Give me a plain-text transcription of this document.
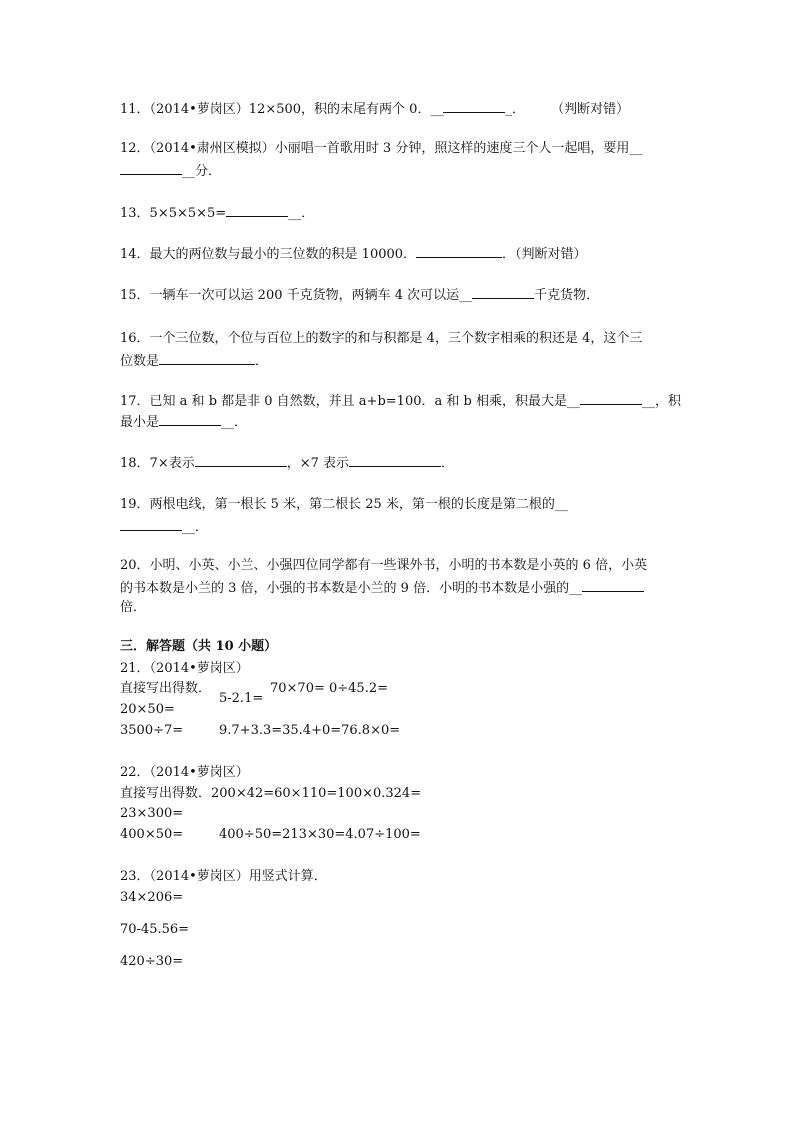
11．（2014•萝岗区）12×500，积的末尾有两个 0．__	_． （判断对错）
12．（2014•肃州区模拟）小丽唱一首歌用时 3 分钟，照这样的速度三个人一起唱，要用__
__分．
13．5×5×5×5=	__．
14．最大的两位数与最小的三位数的积是 10000．	．（判断对错）
15．一辆车一次可以运 200 千克货物，两辆车 4 次可以运__	千克货物．
16．一个三位数，个位与百位上的数字的和与积都是 4，三个数字相乘的积还是 4，这个三
位数是	．
17．已知 a 和 b 都是非 0 自然数，并且 a+b=100．a 和 b 相乘，积最大是__	__，积
最小是	__．
18．7×表示	，×7 表示	．
19．两根电线，第一根长 5 米，第二根长 25 米，第一根的长度是第二根的__
__．
20．小明、小英、小兰、小强四位同学都有一些课外书，小明的书本数是小英的 6 倍，小英
的书本数是小兰的 3 倍，小强的书本数是小兰的 9 倍．小明的书本数是小强的__
倍．
三．解答题（共 10 小题）
21．（2014•萝岗区）
直接写出得数．
5-2.1=
70×70= 0÷45.2=
20×50=
3500÷7=	9.7+3.3=35.4+0=76.8×0=
22．（2014•萝岗区）
直接写出得数．200×42=60×110=100×0.324=
23×300=
400×50=	400÷50=213×30=4.07÷100=
23．（2014•萝岗区）用竖式计算．
34×206=
70-45.56=
420÷30=
